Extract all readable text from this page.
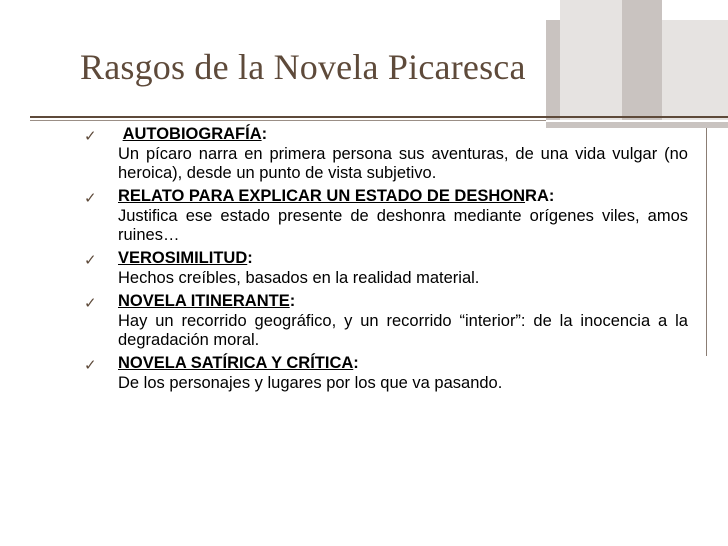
Rasgos de la Novela Picaresca
✓ AUTOBIOGRAFÍA:
Un pícaro narra en primera persona sus aventuras, de una vida vulgar (no heroica), desde un punto de vista subjetivo.
✓ RELATO PARA EXPLICAR UN ESTADO DE DESHONRA:
Justifica ese estado presente de deshonra mediante orígenes viles, amos ruines…
✓ VEROSIMILITUD:
Hechos creíbles, basados en la realidad material.
✓ NOVELA ITINERANTE:
Hay un recorrido geográfico, y un recorrido “interior”: de la inocencia a la degradación moral.
✓ NOVELA SATÍRICA Y CRÍTICA:
De los personajes y lugares por los que va pasando.
